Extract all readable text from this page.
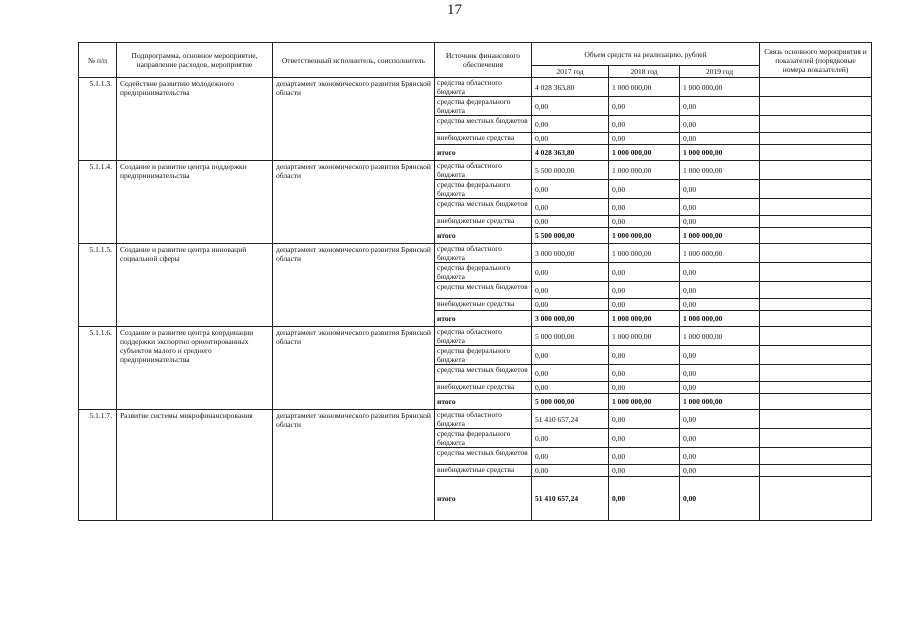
17
№ п/п	Подпрограмма, основное мероприятие, направление расходов, мероприятие	Ответственный исполнитель, соисполнитель	Источник финансового обеспечения	Объем средств на реализацию, рублей			Связь основного мероприятия и показателей (порядковые номера показателей)
				2017 год	2018 год	2019 год	
5.1.1.3.	Содействие развитию молодежного предпринимательства	департамент экономического развития Брянской области	средства областного бюджета	4 028 363,80	1 000 000,00	1 000 000,00	
			средства федерального бюджета	0,00	0,00	0,00	
			средства местных бюджетов	0,00	0,00	0,00	
			внебюджетные средства	0,00	0,00	0,00	
			итого	4 028 363,80	1 000 000,00	1 000 000,00	
5.1.1.4.	Создание и развитие центра поддержки предпринимательства	департамент экономического развития Брянской области	средства областного бюджета	5 500 000,00	1 000 000,00	1 000 000,00	
			средства федерального бюджета	0,00	0,00	0,00	
			средства местных бюджетов	0,00	0,00	0,00	
			внебюджетные средства	0,00	0,00	0,00	
			итого	5 500 000,00	1 000 000,00	1 000 000,00	
5.1.1.5.	Создание и развитие центра инноваций социальной сферы	департамент экономического развития Брянской области	средства областного бюджета	3 000 000,00	1 000 000,00	1 000 000,00	
			средства федерального бюджета	0,00	0,00	0,00	
			средства местных бюджетов	0,00	0,00	0,00	
			внебюджетные средства	0,00	0,00	0,00	
			итого	3 000 000,00	1 000 000,00	1 000 000,00	
5.1.1.6.	Создание и развитие центра координации поддержки экспортно ориентированных субъектов малого и среднего предпринимательства	департамент экономического развития Брянской области	средства областного бюджета	5 000 000,00	1 000 000,00	1 000 000,00	
			средства федерального бюджета	0,00	0,00	0,00	
			средства местных бюджетов	0,00	0,00	0,00	
			внебюджетные средства	0,00	0,00	0,00	
			итого	5 000 000,00	1 000 000,00	1 000 000,00	
5.1.1.7.	Развитие системы микрофинансирования	департамент экономического развития Брянской области	средства областного бюджета	51 410 657,24	0,00	0,00	
			средства федерального бюджета	0,00	0,00	0,00	
			средства местных бюджетов	0,00	0,00	0,00	
			внебюджетные средства	0,00	0,00	0,00	
			итого	51 410 657,24	0,00	0,00	
